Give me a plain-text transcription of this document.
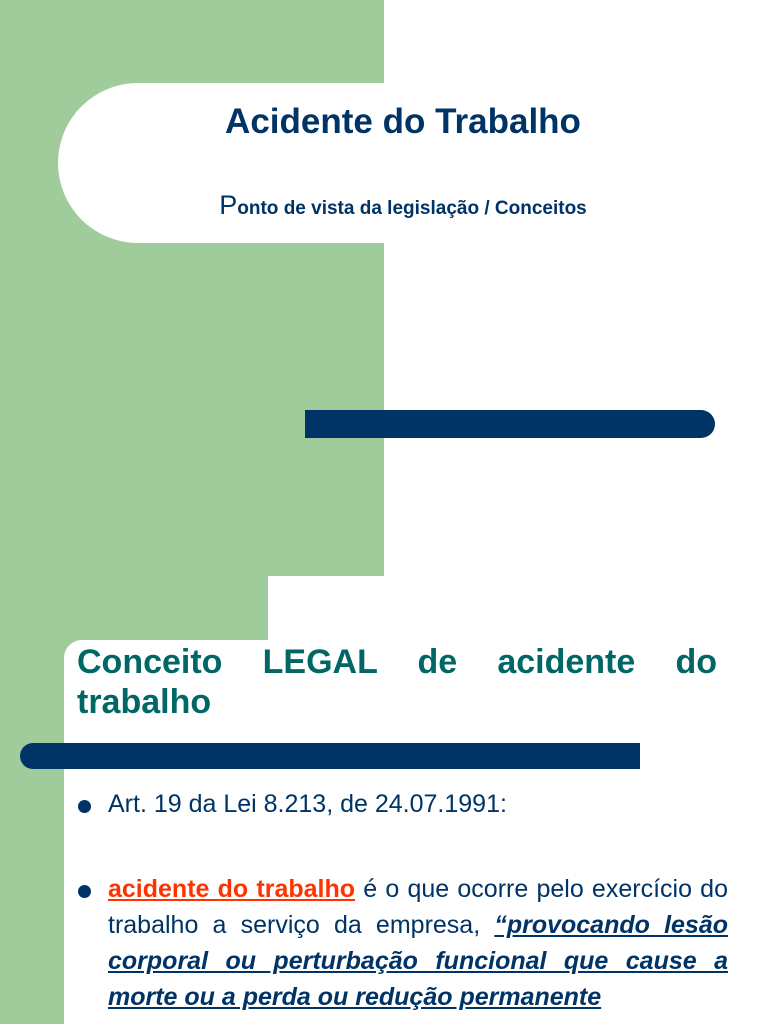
Acidente do Trabalho
Ponto de vista da legislação / Conceitos
Conceito LEGAL de acidente do trabalho
Art. 19 da Lei 8.213, de 24.07.1991:
acidente do trabalho é o que ocorre pelo exercício do trabalho a serviço da empresa, “provocando lesão corporal ou perturbação funcional que cause a morte ou a perda ou redução permanente
